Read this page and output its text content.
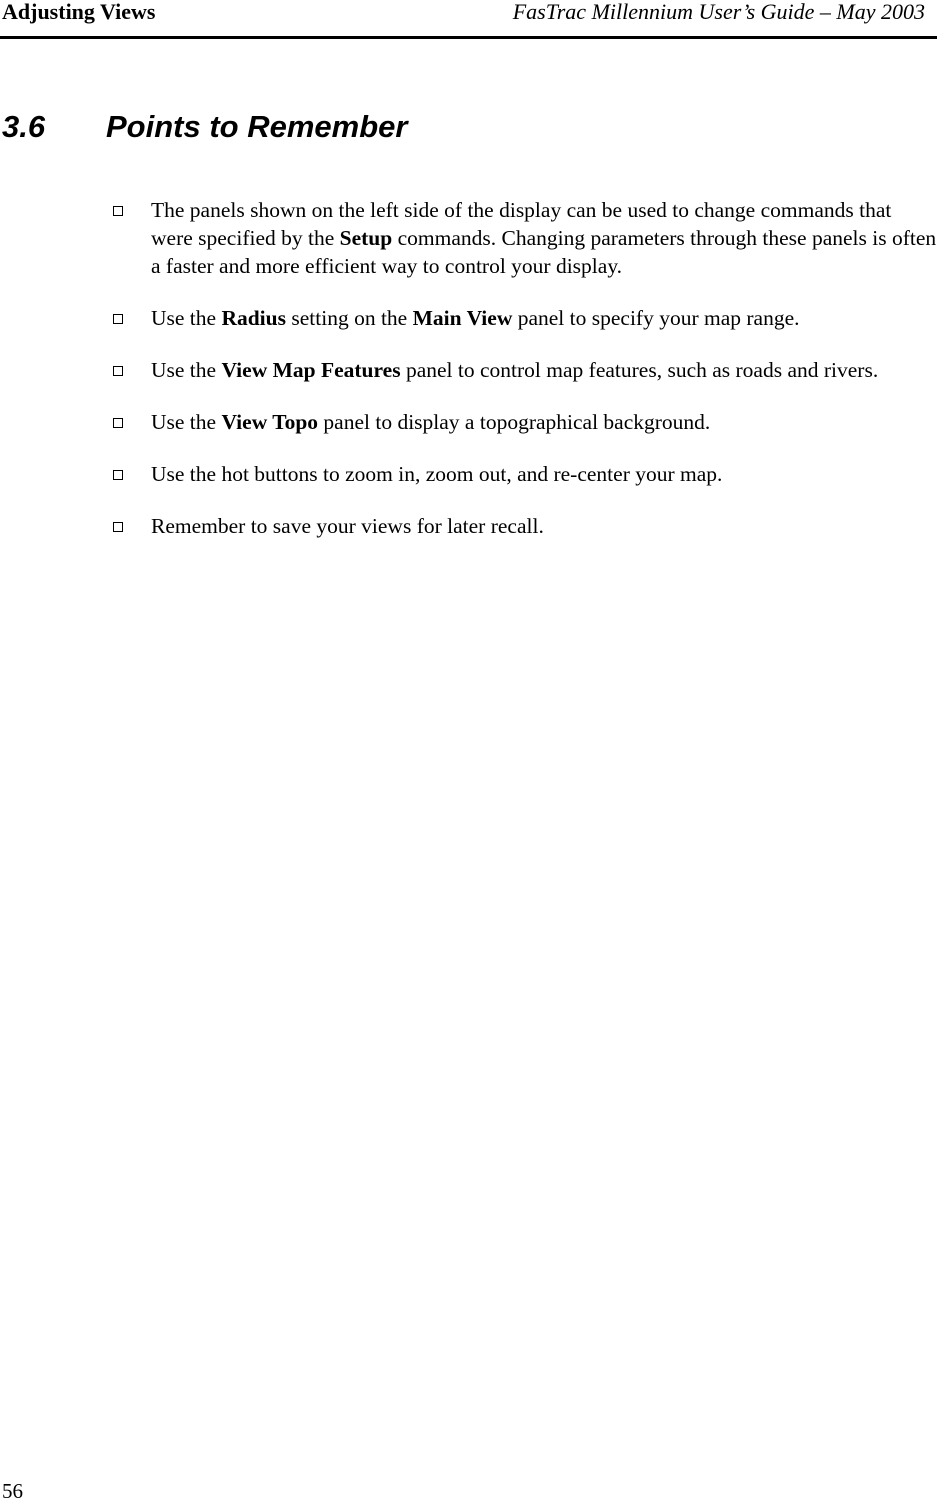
Adjusting Views	FasTrac Millennium User’s Guide – May 2003
3.6 Points to Remember
The panels shown on the left side of the display can be used to change commands that were specified by the Setup commands. Changing parameters through these panels is often a faster and more efficient way to control your display.
Use the Radius setting on the Main View panel to specify your map range.
Use the View Map Features panel to control map features, such as roads and rivers.
Use the View Topo panel to display a topographical background.
Use the hot buttons to zoom in, zoom out, and re-center your map.
Remember to save your views for later recall.
56
